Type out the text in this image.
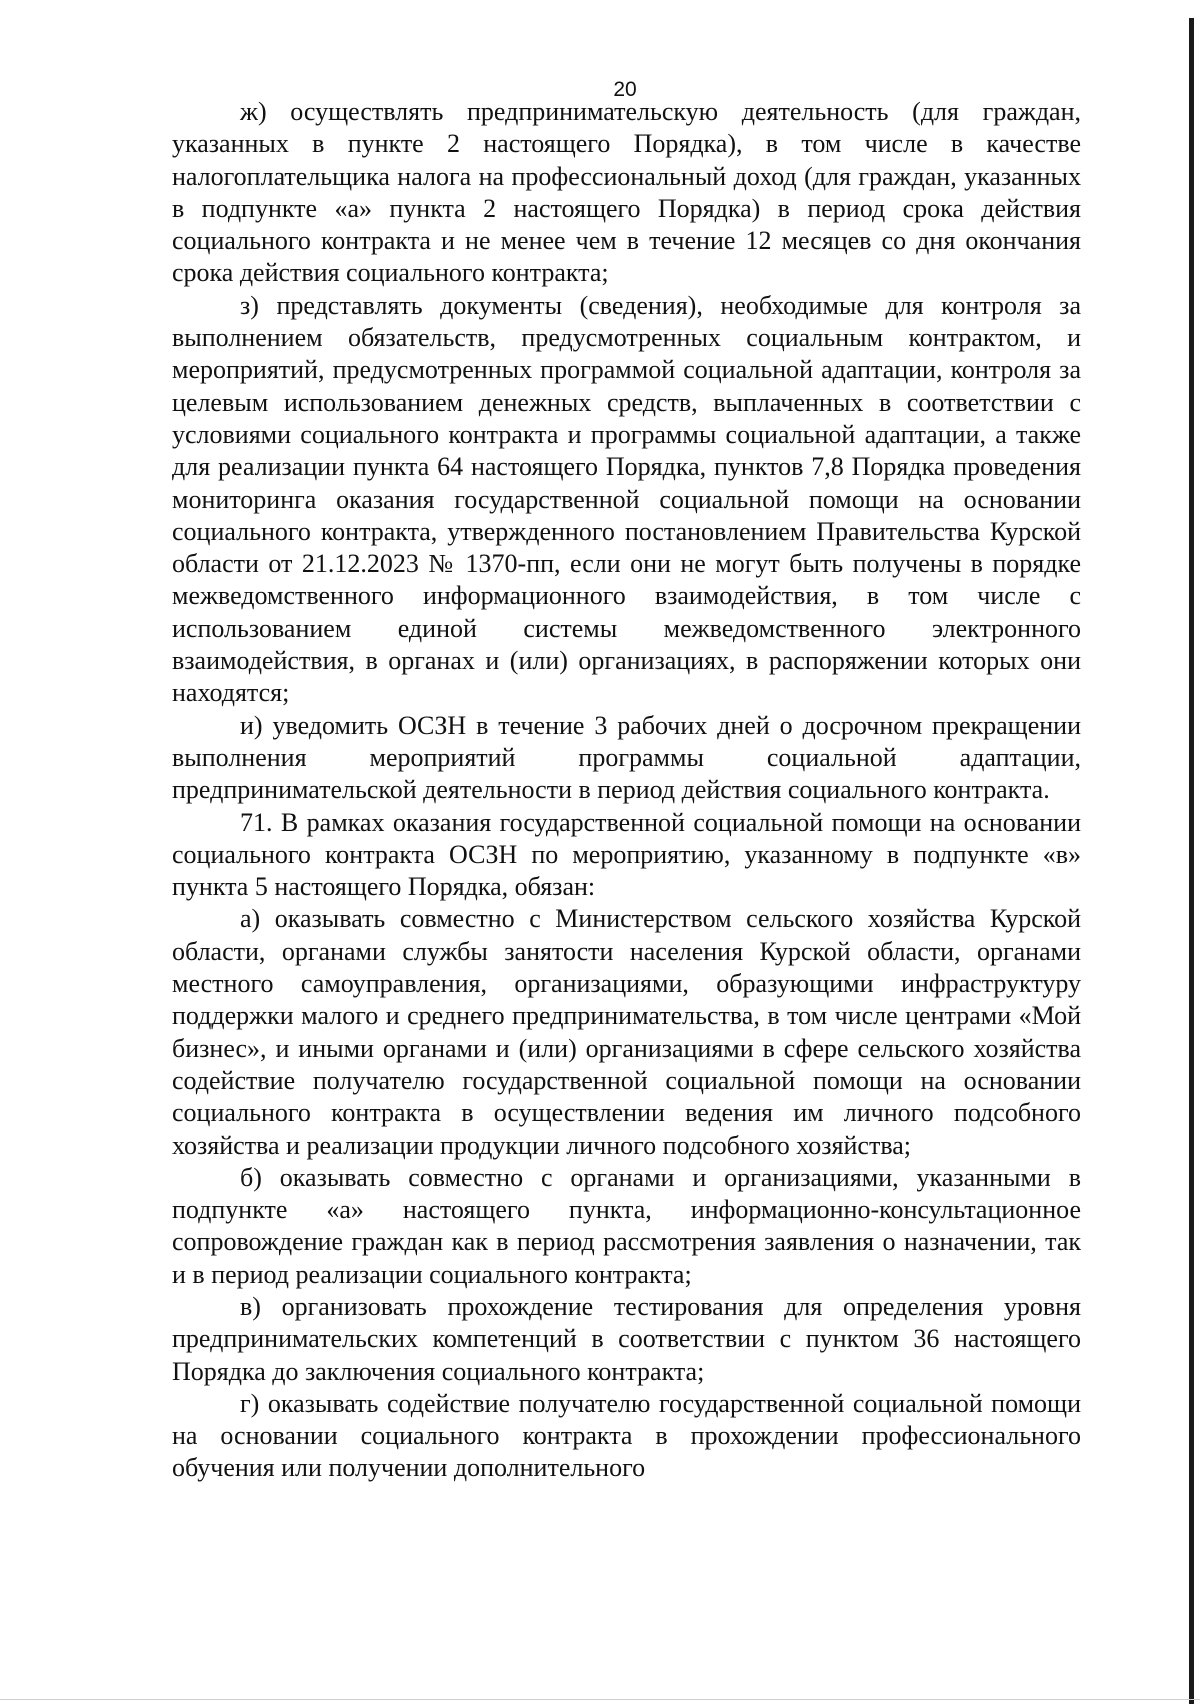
20

ж) осуществлять предпринимательскую деятельность (для граждан, указанных в пункте 2 настоящего Порядка), в том числе в качестве налогоплательщика налога на профессиональный доход (для граждан, указанных в подпункте «а» пункта 2 настоящего Порядка) в период срока действия социального контракта и не менее чем в течение 12 месяцев со дня окончания срока действия социального контракта;

з) представлять документы (сведения), необходимые для контроля за выполнением обязательств, предусмотренных социальным контрактом, и мероприятий, предусмотренных программой социальной адаптации, контроля за целевым использованием денежных средств, выплаченных в соответствии с условиями социального контракта и программы социальной адаптации, а также для реализации пункта 64 настоящего Порядка, пунктов 7,8 Порядка проведения мониторинга оказания государственной социальной помощи на основании социального контракта, утвержденного постановлением Правительства Курской области от 21.12.2023 № 1370-пп, если они не могут быть получены в порядке межведомственного информационного взаимодействия, в том числе с использованием единой системы межведомственного электронного взаимодействия, в органах и (или) организациях, в распоряжении которых они находятся;

и) уведомить ОСЗН в течение 3 рабочих дней о досрочном прекращении выполнения мероприятий программы социальной адаптации, предпринимательской деятельности в период действия социального контракта.

71. В рамках оказания государственной социальной помощи на основании социального контракта ОСЗН по мероприятию, указанному в подпункте «в» пункта 5 настоящего Порядка, обязан:

а) оказывать совместно с Министерством сельского хозяйства Курской области, органами службы занятости населения Курской области, органами местного самоуправления, организациями, образующими инфраструктуру поддержки малого и среднего предпринимательства, в том числе центрами «Мой бизнес», и иными органами и (или) организациями в сфере сельского хозяйства содействие получателю государственной социальной помощи на основании социального контракта в осуществлении ведения им личного подсобного хозяйства и реализации продукции личного подсобного хозяйства;

б) оказывать совместно с органами и организациями, указанными в подпункте «а» настоящего пункта, информационно-консультационное сопровождение граждан как в период рассмотрения заявления о назначении, так и в период реализации социального контракта;

в) организовать прохождение тестирования для определения уровня предпринимательских компетенций в соответствии с пунктом 36 настоящего Порядка до заключения социального контракта;

г) оказывать содействие получателю государственной социальной помощи на основании социального контракта в прохождении профессионального обучения или получении дополнительного
